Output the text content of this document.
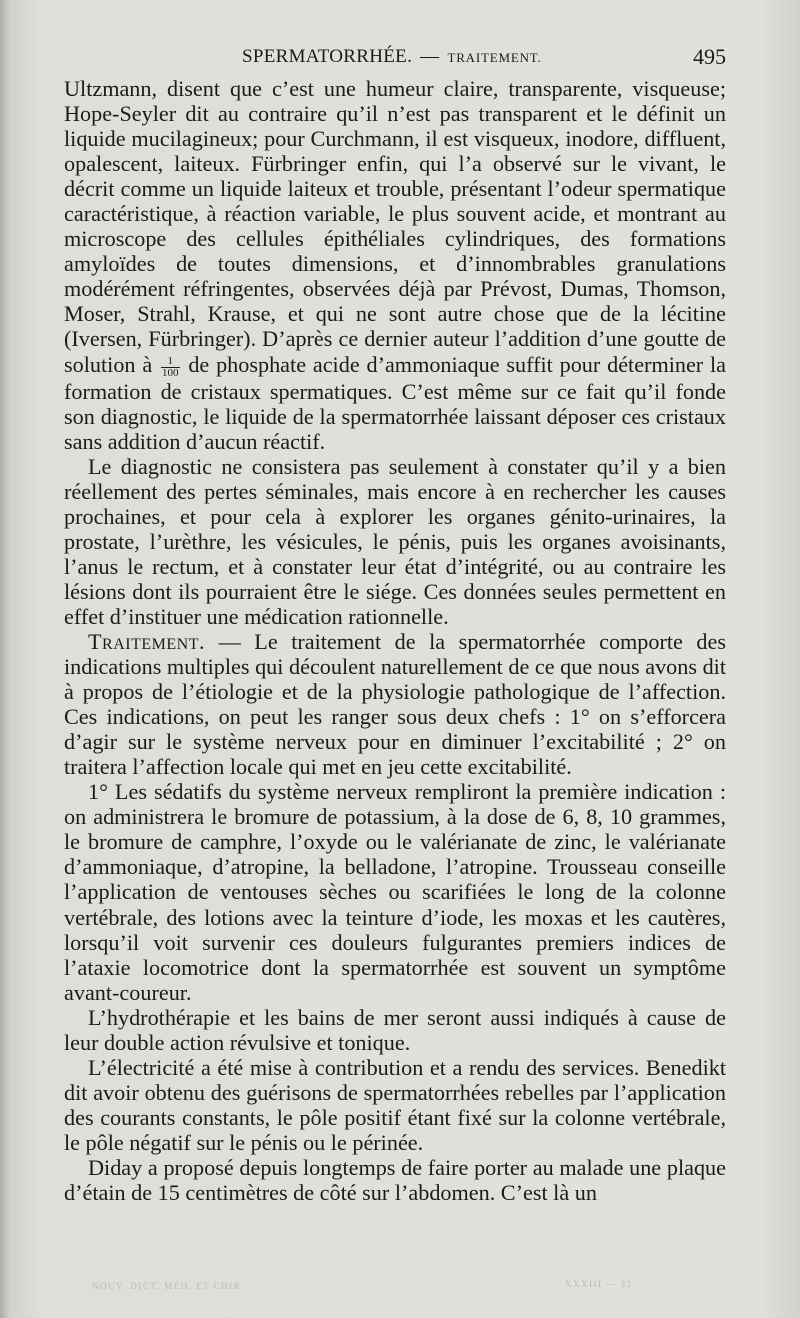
SPERMATORRHÉE. — TRAITEMENT.	495

Ultzmann, disent que c’est une humeur claire, transparente, visqueuse; Hope-Seyler dit au contraire qu’il n’est pas transparent et le définit un liquide mucilagineux; pour Curchmann, il est visqueux, inodore, diffluent, opalescent, laiteux. Fürbringer enfin, qui l’a observé sur le vivant, le décrit comme un liquide laiteux et trouble, présentant l’odeur spermatique caractéristique, à réaction variable, le plus souvent acide, et montrant au microscope des cellules épithéliales cylindriques, des formations amyloïdes de toutes dimensions, et d’innombrables granulations modérément réfringentes, observées déjà par Prévost, Dumas, Thomson, Moser, Strahl, Krause, et qui ne sont autre chose que de la lécitine (Iversen, Fürbringer). D’après ce dernier auteur l’addition d’une goutte de solution à $\frac{1}{100}$ de phosphate acide d’ammoniaque suffit pour déterminer la formation de cristaux spermatiques. C’est même sur ce fait qu’il fonde son diagnostic, le liquide de la spermatorrhée laissant déposer ces cristaux sans addition d’aucun réactif.

Le diagnostic ne consistera pas seulement à constater qu’il y a bien réellement des pertes séminales, mais encore à en rechercher les causes prochaines, et pour cela à explorer les organes génito-urinaires, la prostate, l’urèthre, les vésicules, le pénis, puis les organes avoisinants, l’anus le rectum, et à constater leur état d’intégrité, ou au contraire les lésions dont ils pourraient être le siége. Ces données seules permettent en effet d’instituer une médication rationnelle.

Traitement. — Le traitement de la spermatorrhée comporte des indications multiples qui découlent naturellement de ce que nous avons dit à propos de l’étiologie et de la physiologie pathologique de l’affection. Ces indications, on peut les ranger sous deux chefs : 1° on s’efforcera d’agir sur le système nerveux pour en diminuer l’excitabilité ; 2° on traitera l’affection locale qui met en jeu cette excitabilité.

1° Les sédatifs du système nerveux rempliront la première indication : on administrera le bromure de potassium, à la dose de 6, 8, 10 grammes, le bromure de camphre, l’oxyde ou le valérianate de zinc, le valérianate d’ammoniaque, d’atropine, la belladone, l’atropine. Trousseau conseille l’application de ventouses sèches ou scarifiées le long de la colonne vertébrale, des lotions avec la teinture d’iode, les moxas et les cautères, lorsqu’il voit survenir ces douleurs fulgurantes premiers indices de l’ataxie locomotrice dont la spermatorrhée est souvent un symptôme avant-coureur.

L’hydrothérapie et les bains de mer seront aussi indiqués à cause de leur double action révulsive et tonique.

L’électricité a été mise à contribution et a rendu des services. Benedikt dit avoir obtenu des guérisons de spermatorrhées rebelles par l’application des courants constants, le pôle positif étant fixé sur la colonne vertébrale, le pôle négatif sur le pénis ou le périnée.

Diday a proposé depuis longtemps de faire porter au malade une plaque d’étain de 15 centimètres de côté sur l’abdomen. C’est là un

NOUV. DICT. MÉD. ET CHIR.	XXXIII — 32
